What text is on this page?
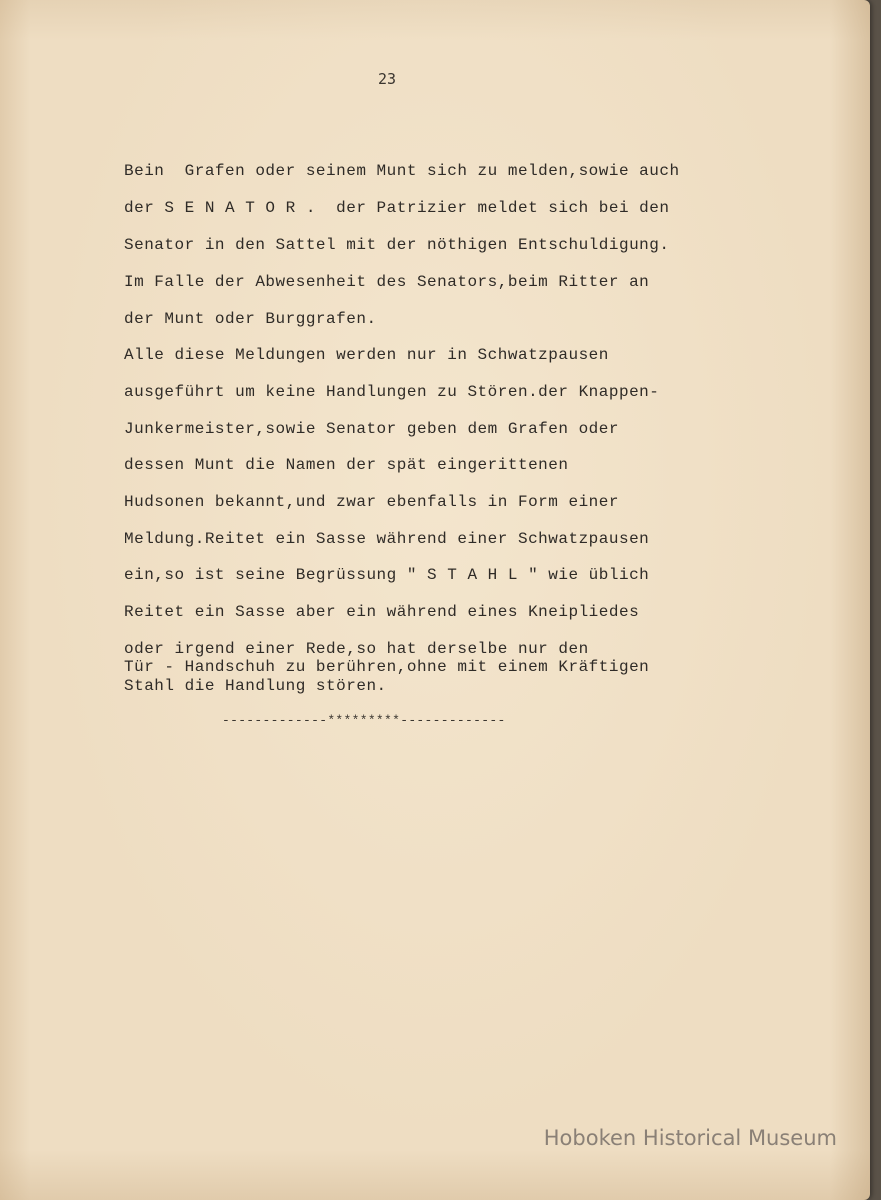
23
Bein  Grafen oder seinem Munt sich zu melden,sowie auch
der S E N A T O R .  der Patrizier meldet sich bei den
Senator in den Sattel mit der nöthigen Entschuldigung.
Im Falle der Abwesenheit des Senators,beim Ritter an
der Munt oder Burggrafen.
Alle diese Meldungen werden nur in Schwatzpausen
ausgeführt um keine Handlungen zu Stören.der Knappen-
Junkermeister,sowie Senator geben dem Grafen oder
dessen Munt die Namen der spät eingerittenen
Hudsonen bekannt,und zwar ebenfalls in Form einer
Meldung.Reitet ein Sasse während einer Schwatzpausen
ein,so ist seine Begrüssung " S T A H L " wie üblich
Reitet ein Sasse aber ein während eines Kneipliedes
oder irgend einer Rede,so hat derselbe nur den
Tür - Handschuh zu berühren,ohne mit einem Kräftigen
Stahl die Handlung stören.
-------------*********-------------
Hoboken Historical Museum
